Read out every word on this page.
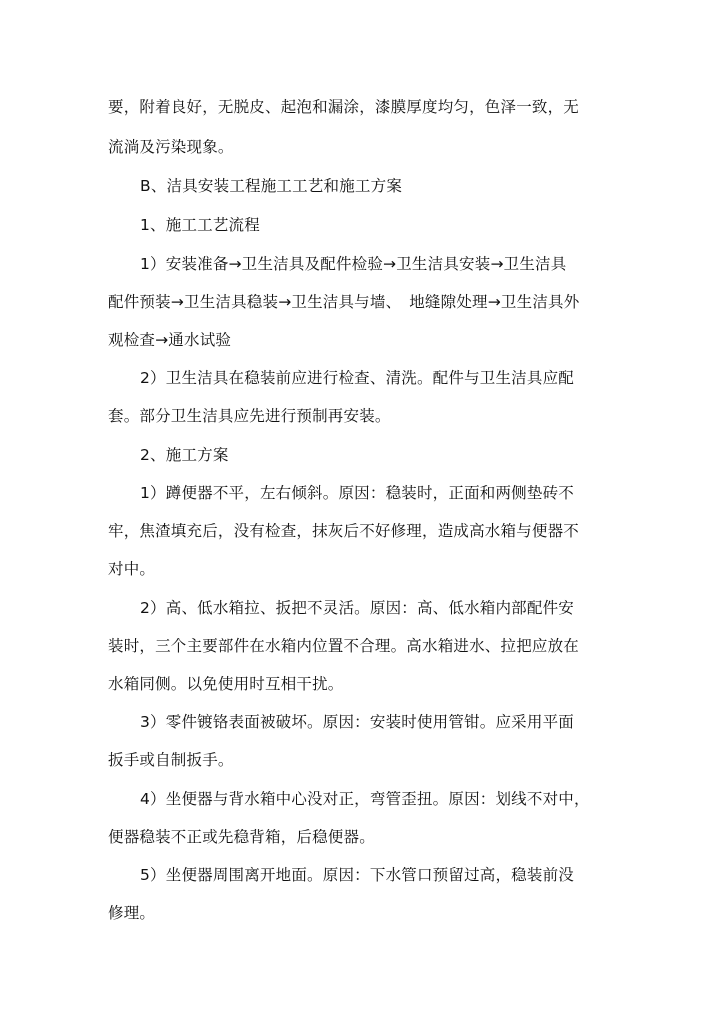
要，附着良好，无脱皮、起泡和漏涂，漆膜厚度均匀，色泽一致，无
流淌及污染现象。
B、洁具安装工程施工工艺和施工方案
1、施工工艺流程
1）安装准备→卫生洁具及配件检验→卫生洁具安装→卫生洁具
配件预装→卫生洁具稳装→卫生洁具与墙、　地缝隙处理→卫生洁具外
观检查→通水试验
2）卫生洁具在稳装前应进行检查、清洗。配件与卫生洁具应配
套。部分卫生洁具应先进行预制再安装。
2、施工方案
1）蹲便器不平，左右倾斜。原因：稳装时，正面和两侧垫砖不
牢，焦渣填充后，没有检查，抹灰后不好修理，造成高水箱与便器不
对中。
2）高、低水箱拉、扳把不灵活。原因：高、低水箱内部配件安
装时，三个主要部件在水箱内位置不合理。高水箱进水、拉把应放在
水箱同侧。以免使用时互相干扰。
3）零件镀铬表面被破坏。原因：安装时使用管钳。应采用平面
扳手或自制扳手。
4）坐便器与背水箱中心没对正，弯管歪扭。原因：划线不对中，
便器稳装不正或先稳背箱，后稳便器。
5）坐便器周围离开地面。原因：下水管口预留过高，稳装前没
修理。
